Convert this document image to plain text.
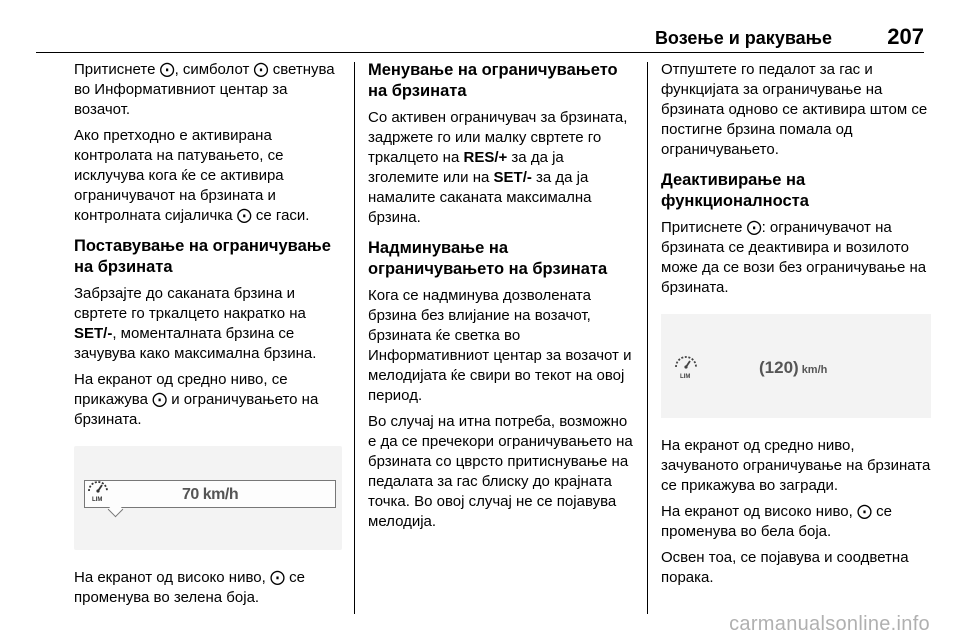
Возење и ракување	207

Притиснете ⨀, симболот ⨀ светнува во Информативниот центар за возачот.

Ако претходно е активирана контролата на патувањето, се исклучува кога ќе се активира ограничувачот на брзината и контролната сијаличка ⨀ се гаси.

Поставување на ограничувањe на брзината

Забрзајте до саканата брзина и свртете го тркалцето накратко на SET/-, моменталната брзина се зачувува како максимална брзина.

На екранот од средно ниво, се прикажува ⨀ и ограничувањето на брзината.

LIM	70 km/h

На екранот од високо ниво, ⨀ се променува во зелена боја.

Менување на ограничувањето на брзината

Со активен ограничувач за брзината, задржете го или малку свртете го тркалцето на RES/+ за да ја зголемите или на SET/- за да ја намалите саканата максимална брзина.

Надминување на ограничувањето на брзината

Кога се надминува дозволената брзина без влијание на возачот, брзината ќе светка во Информативниот центар за возачот и мелодијата ќе свири во текот на овој период.

Во случај на итна потреба, возможно е да се пречекори ограничувањето на брзината со цврсто притиснување на педалата за гас блиску до крајната точка. Во овој случај не се појавува мелодија.

Отпуштете го педалот за гас и функцијата за ограничување на брзината одново се активира штом се постигне брзина помала од ограничувањето.

Деактивирање на функционалноста

Притиснете ⨀: ограничувачот на брзината се деактивира и возилото може да се вози без ограничување на брзината.

LIM	(120) km/h

На екранот од средно ниво, зачуваното ограничување на брзината се прикажува во загради.

На екранот од високо ниво, ⨀ се променува во бела боја.

Освен тоа, се појавува и соодветна порака.

carmanualsonline.info
